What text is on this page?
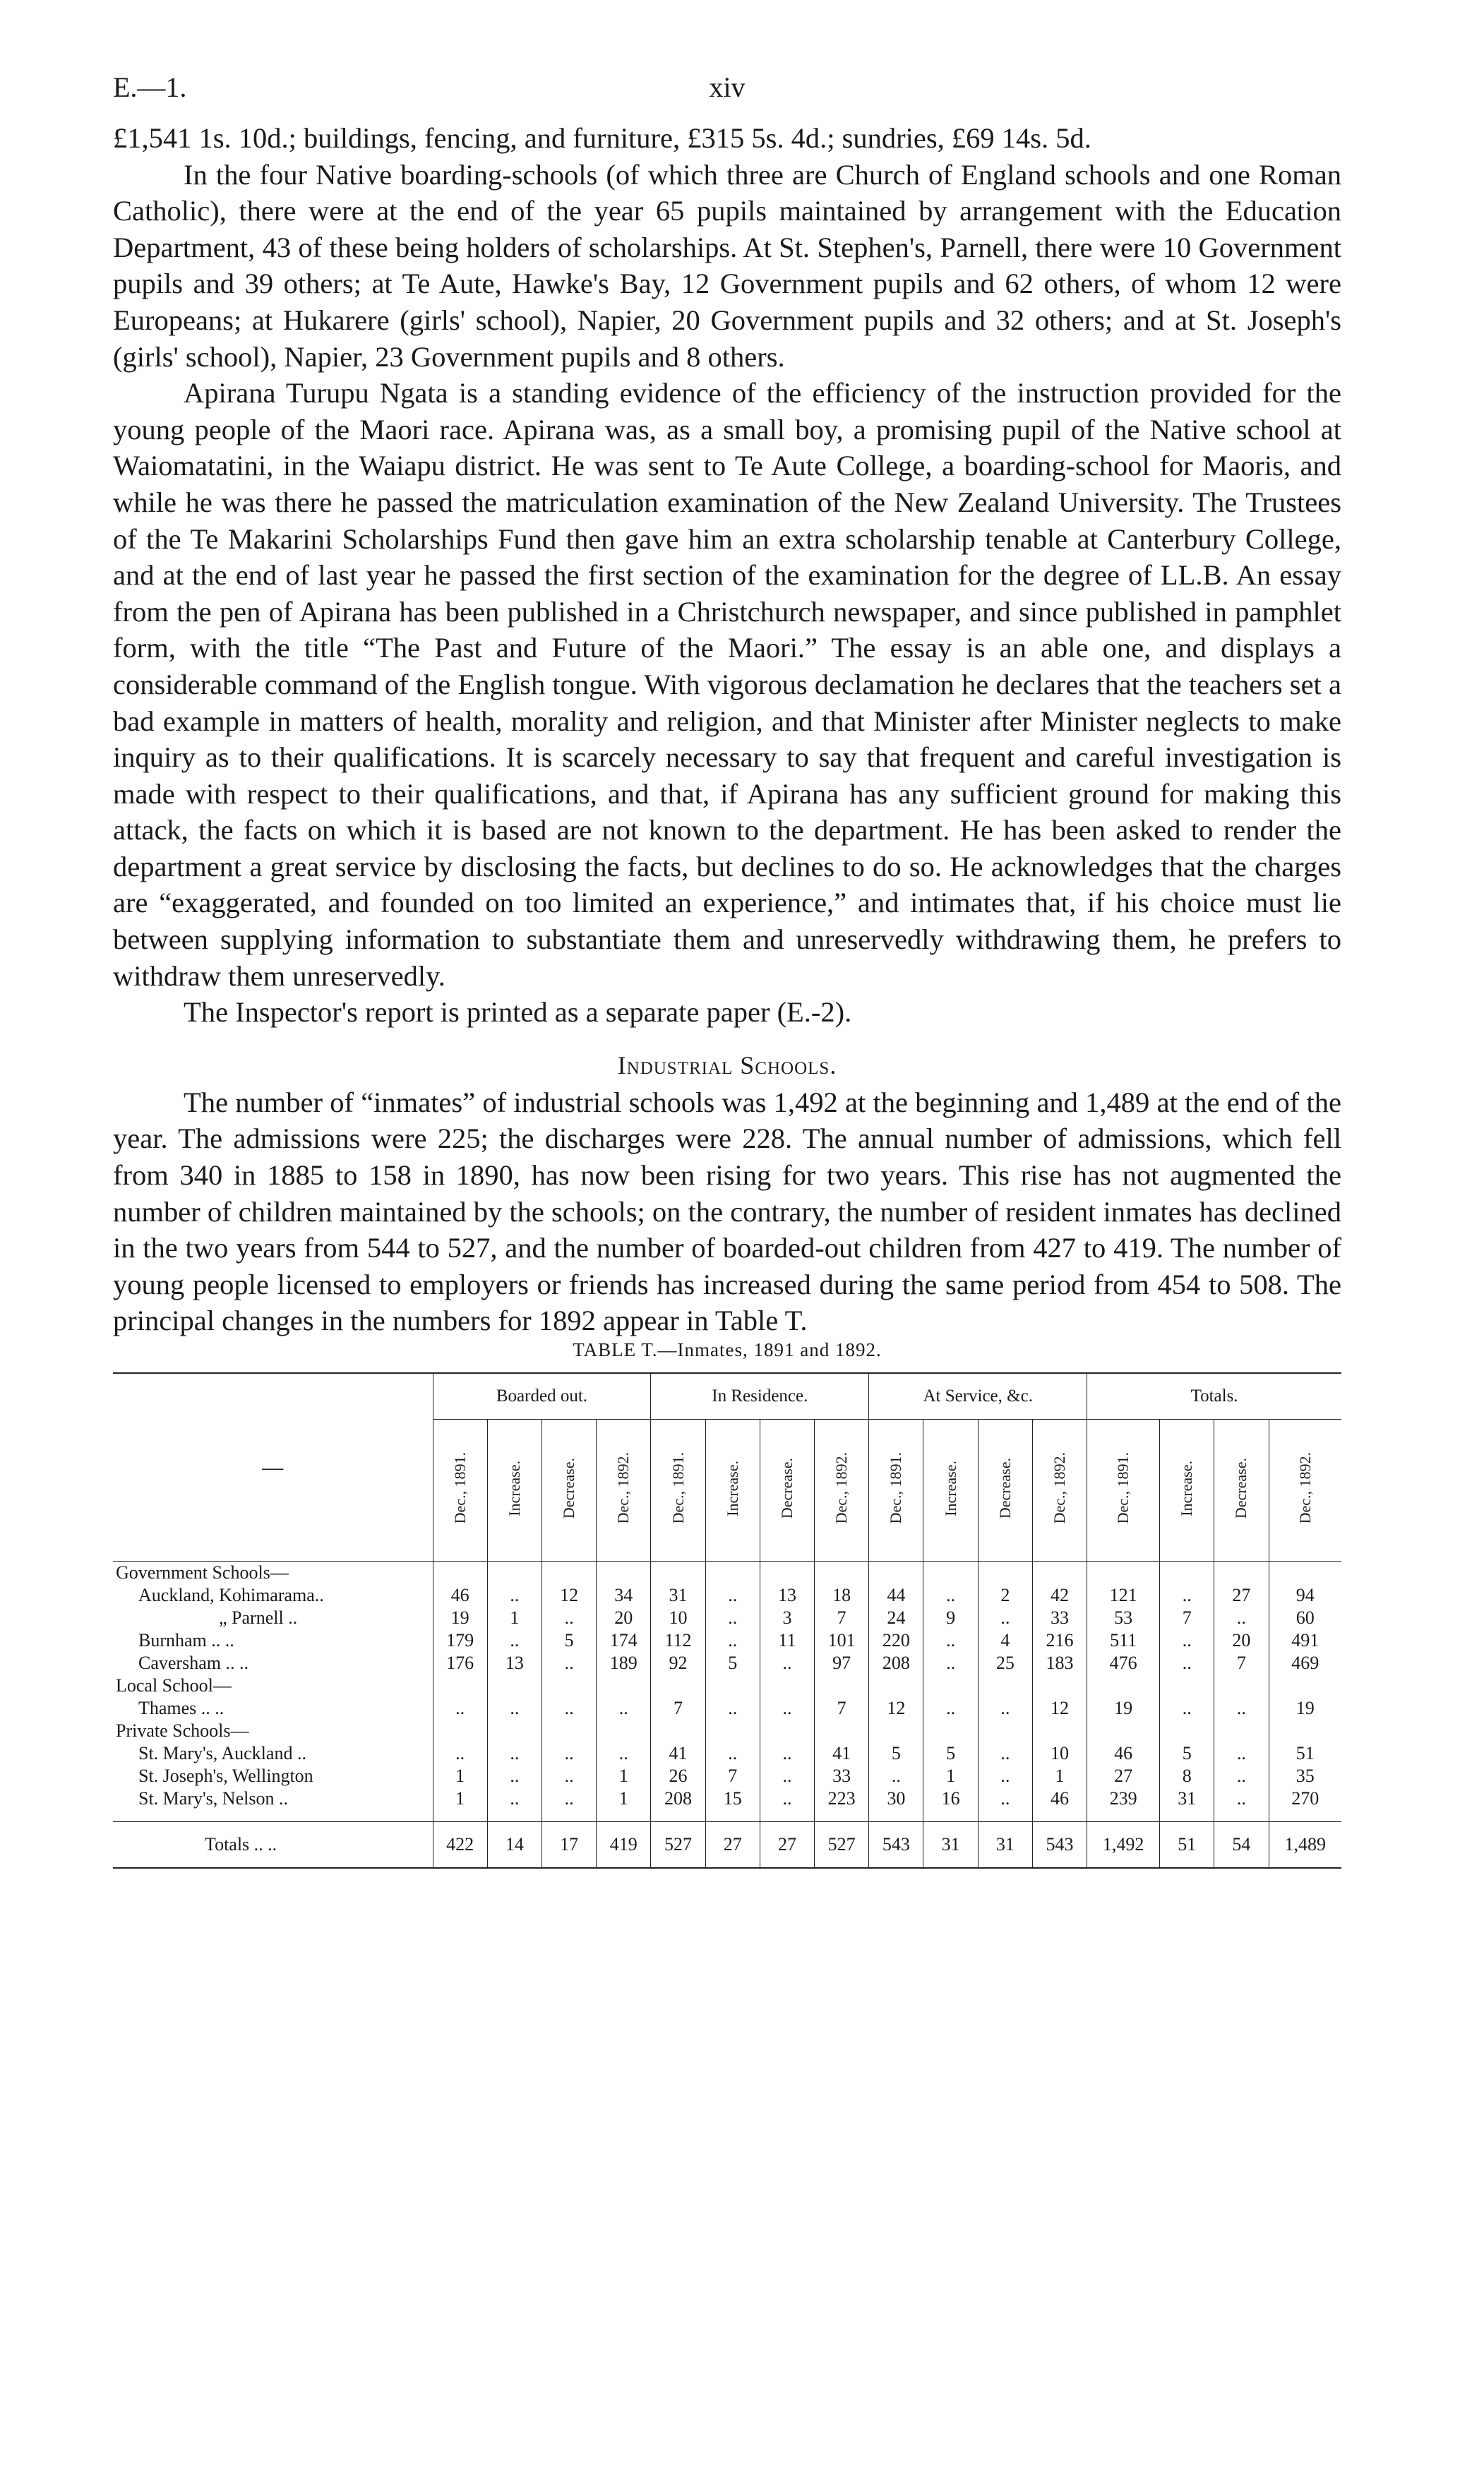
E.—1.	xiv

£1,541 1s. 10d.; buildings, fencing, and furniture, £315 5s. 4d.; sundries, £69 14s. 5d.

In the four Native boarding-schools (of which three are Church of England schools and one Roman Catholic), there were at the end of the year 65 pupils maintained by arrangement with the Education Department, 43 of these being holders of scholarships. At St. Stephen's, Parnell, there were 10 Government pupils and 39 others; at Te Aute, Hawke's Bay, 12 Government pupils and 62 others, of whom 12 were Europeans; at Hukarere (girls' school), Napier, 20 Government pupils and 32 others; and at St. Joseph's (girls' school), Napier, 23 Government pupils and 8 others.

Apirana Turupu Ngata is a standing evidence of the efficiency of the instruction provided for the young people of the Maori race. Apirana was, as a small boy, a promising pupil of the Native school at Waiomatatini, in the Waiapu district. He was sent to Te Aute College, a boarding-school for Maoris, and while he was there he passed the matriculation examination of the New Zealand University. The Trustees of the Te Makarini Scholarships Fund then gave him an extra scholarship tenable at Canterbury College, and at the end of last year he passed the first section of the examination for the degree of LL.B. An essay from the pen of Apirana has been published in a Christchurch newspaper, and since published in pamphlet form, with the title “The Past and Future of the Maori.” The essay is an able one, and displays a considerable command of the English tongue. With vigorous declamation he declares that the teachers set a bad example in matters of health, morality and religion, and that Minister after Minister neglects to make inquiry as to their qualifications. It is scarcely necessary to say that frequent and careful investigation is made with respect to their qualifications, and that, if Apirana has any sufficient ground for making this attack, the facts on which it is based are not known to the department. He has been asked to render the department a great service by disclosing the facts, but declines to do so. He acknowledges that the charges are “exaggerated, and founded on too limited an experience,” and intimates that, if his choice must lie between supplying information to substantiate them and unreservedly withdrawing them, he prefers to withdraw them unreservedly.

The Inspector's report is printed as a separate paper (E.-2).

Industrial Schools.

The number of “inmates” of industrial schools was 1,492 at the beginning and 1,489 at the end of the year. The admissions were 225; the discharges were 228. The annual number of admissions, which fell from 340 in 1885 to 158 in 1890, has now been rising for two years. This rise has not augmented the number of children maintained by the schools; on the contrary, the number of resident inmates has declined in the two years from 544 to 527, and the number of boarded-out children from 427 to 419. The number of young people licensed to employers or friends has increased during the same period from 454 to 508. The principal changes in the numbers for 1892 appear in Table T.

TABLE T.—Inmates, 1891 and 1892.
—	Boarded out.				In Residence.				At Service, &c.				Totals.			
	Dec., 1891.	Increase.	Decrease.	Dec., 1892.	Dec., 1891.	Increase.	Decrease.	Dec., 1892.	Dec., 1891.	Increase.	Decrease.	Dec., 1892.	Dec., 1891.	Increase.	Decrease.	Dec., 1892.
Government Schools—																
Auckland, Kohimarama..	46	..	12	34	31	..	13	18	44	..	2	42	121	..	27	94
„ Parnell ..	19	1	..	20	10	..	3	7	24	9	..	33	53	7	..	60
Burnham .. ..	179	..	5	174	112	..	11	101	220	..	4	216	511	..	20	491
Caversham .. ..	176	13	..	189	92	5	..	97	208	..	25	183	476	..	7	469
Local School—																
Thames .. ..	..	..	..	..	7	..	..	7	12	..	..	12	19	..	..	19
Private Schools—																
St. Mary's, Auckland ..	..	..	..	..	41	..	..	41	5	5	..	10	46	5	..	51
St. Joseph's, Wellington	1	..	..	1	26	7	..	33	..	1	..	1	27	8	..	35
St. Mary's, Nelson ..	1	..	..	1	208	15	..	223	30	16	..	46	239	31	..	270

Totals .. ..	422	14	17	419	527	27	27	527	543	31	31	543	1,492	51	54	1,489
